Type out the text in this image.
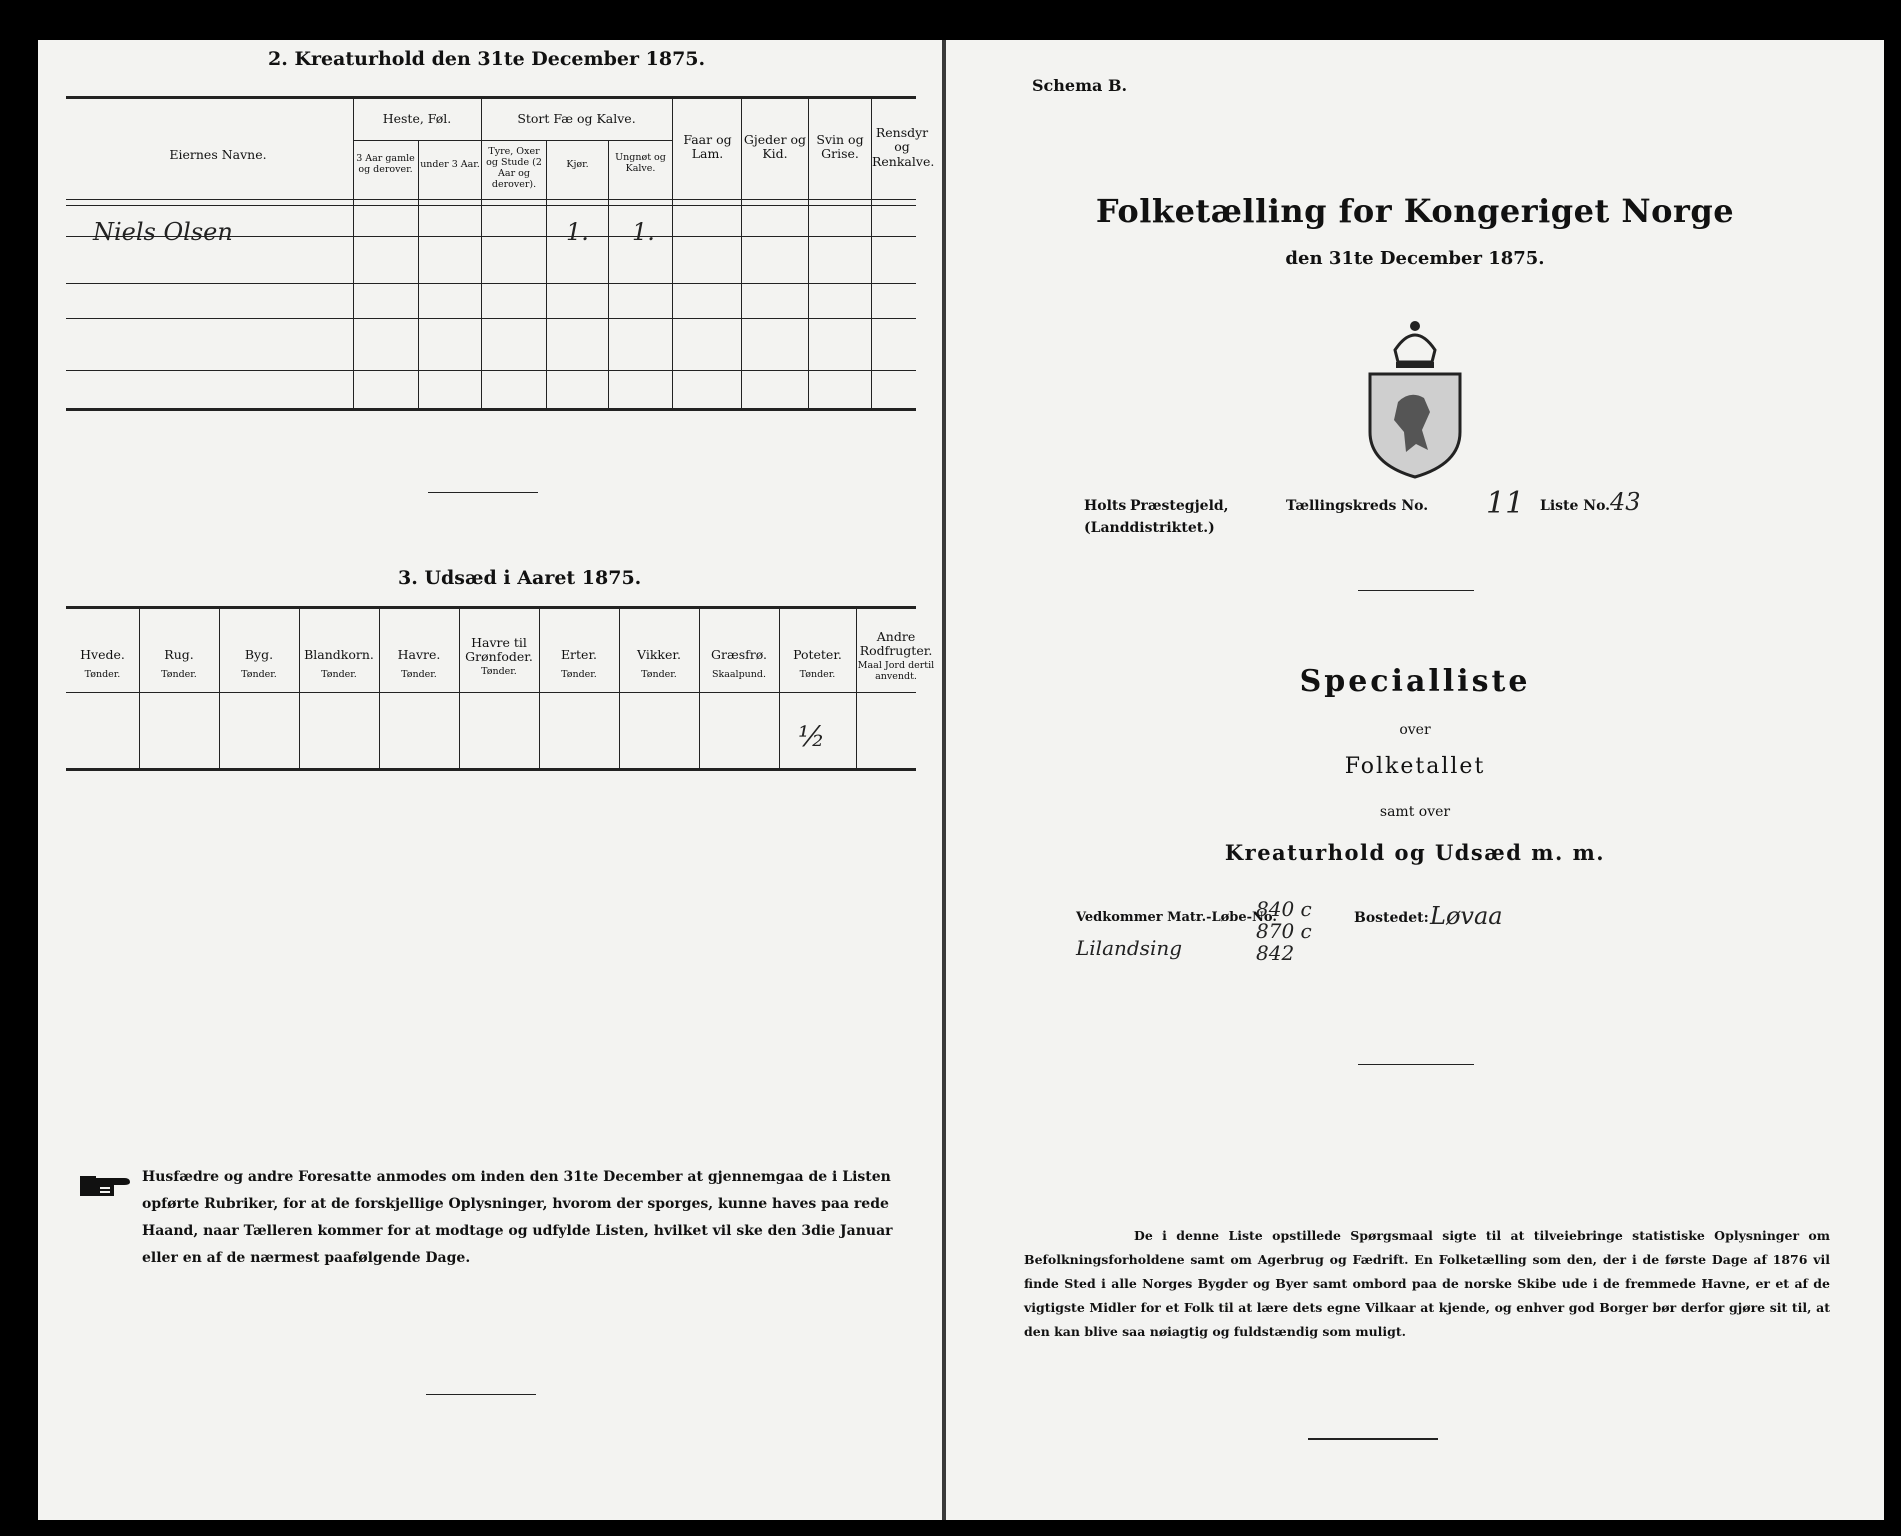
2. Kreaturhold den 31te December 1875.
Eiernes Navne.
Heste, Føl.
3 Aar gamle og derover. under 3 Aar.
Stort Fæ og Kalve.
Tyre, Oxer og Stude (2 Aar og derover).
Kjør.
Ungnøt og Kalve.
Faar og Lam.
Gjeder og Kid.
Svin og Grise.
Rensdyr og Renkalve.
Niels Olsen	1. 1.
3. Udsæd i Aaret 1875.
Hvede.
Tønder.
Rug.
Tønder.
Byg.
Tønder.
Blandkorn.
Tønder.
Havre.
Tønder.
Havre til Grønfoder.
Tønder.
Erter.
Tønder.
Vikker.
Tønder.
Græsfrø.
Skaalpund.
Poteter.
Tønder.
Andre Rodfrugter.
Maal Jord dertil anvendt.
½
Husfædre og andre Foresatte anmodes om inden den 31te December at gjennemgaa de i Listen opførte Rubriker, for at de forskjellige Oplysninger, hvorom der sporges, kunne haves paa rede Haand, naar Tælleren kommer for at modtage og udfylde Listen, hvilket vil ske den 3die Januar eller en af de nærmest paafølgende Dage.
Schema B.
Folketælling for Kongeriget Norge
den 31te December 1875.
Holts Præstegjeld,
(Landdistriktet.)
Tællingskreds No. 11 Liste No. 43
Specialliste
over
Folketallet
samt over
Kreaturhold og Udsæd m. m.
Vedkommer Matr.-Løbe-No.
Lilandsing
840 c
870 c
842
Bostedet: Løvaa
De i denne Liste opstillede Spørgsmaal sigte til at tilveiebringe statistiske Oplysninger om Befolkningsforholdene samt om Agerbrug og Fædrift. En Folketælling som den, der i de første Dage af 1876 vil finde Sted i alle Norges Bygder og Byer samt ombord paa de norske Skibe ude i de fremmede Havne, er et af de vigtigste Midler for et Folk til at lære dets egne Vilkaar at kjende, og enhver god Borger bør derfor gjøre sit til, at den kan blive saa nøiagtig og fuldstændig som muligt.
